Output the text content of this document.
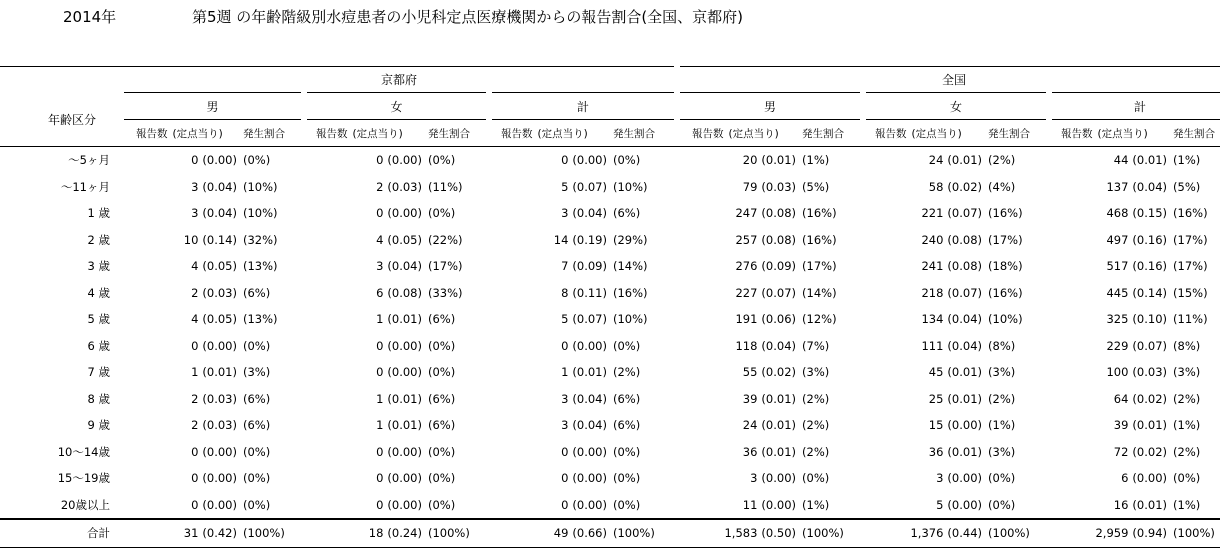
2014年	第5週 の年齢階級別水痘患者の小児科定点医療機関からの報告割合(全国、京都府)
	京都府							全国					
年齢区分	男		女		計			男		女		計	
	報告数 (定点当り)	発生割合	報告数 (定点当り)	発生割合	報告数 (定点当り)	発生割合		報告数 (定点当り)	発生割合	報告数 (定点当り)	発生割合	報告数 (定点当り)	発生割合
～5ヶ月	0 (0.00)	(0%)	0 (0.00)	(0%)	0 (0.00)	(0%)		20 (0.01)	(1%)	24 (0.01)	(2%)	44 (0.01)	(1%)
～11ヶ月	3 (0.04)	(10%)	2 (0.03)	(11%)	5 (0.07)	(10%)		79 (0.03)	(5%)	58 (0.02)	(4%)	137 (0.04)	(5%)
1 歳	3 (0.04)	(10%)	0 (0.00)	(0%)	3 (0.04)	(6%)		247 (0.08)	(16%)	221 (0.07)	(16%)	468 (0.15)	(16%)
2 歳	10 (0.14)	(32%)	4 (0.05)	(22%)	14 (0.19)	(29%)		257 (0.08)	(16%)	240 (0.08)	(17%)	497 (0.16)	(17%)
3 歳	4 (0.05)	(13%)	3 (0.04)	(17%)	7 (0.09)	(14%)		276 (0.09)	(17%)	241 (0.08)	(18%)	517 (0.16)	(17%)
4 歳	2 (0.03)	(6%)	6 (0.08)	(33%)	8 (0.11)	(16%)		227 (0.07)	(14%)	218 (0.07)	(16%)	445 (0.14)	(15%)
5 歳	4 (0.05)	(13%)	1 (0.01)	(6%)	5 (0.07)	(10%)		191 (0.06)	(12%)	134 (0.04)	(10%)	325 (0.10)	(11%)
6 歳	0 (0.00)	(0%)	0 (0.00)	(0%)	0 (0.00)	(0%)		118 (0.04)	(7%)	111 (0.04)	(8%)	229 (0.07)	(8%)
7 歳	1 (0.01)	(3%)	0 (0.00)	(0%)	1 (0.01)	(2%)		55 (0.02)	(3%)	45 (0.01)	(3%)	100 (0.03)	(3%)
8 歳	2 (0.03)	(6%)	1 (0.01)	(6%)	3 (0.04)	(6%)		39 (0.01)	(2%)	25 (0.01)	(2%)	64 (0.02)	(2%)
9 歳	2 (0.03)	(6%)	1 (0.01)	(6%)	3 (0.04)	(6%)		24 (0.01)	(2%)	15 (0.00)	(1%)	39 (0.01)	(1%)
10～14歳	0 (0.00)	(0%)	0 (0.00)	(0%)	0 (0.00)	(0%)		36 (0.01)	(2%)	36 (0.01)	(3%)	72 (0.02)	(2%)
15～19歳	0 (0.00)	(0%)	0 (0.00)	(0%)	0 (0.00)	(0%)		3 (0.00)	(0%)	3 (0.00)	(0%)	6 (0.00)	(0%)
20歳以上	0 (0.00)	(0%)	0 (0.00)	(0%)	0 (0.00)	(0%)		11 (0.00)	(1%)	5 (0.00)	(0%)	16 (0.01)	(1%)
合計	31 (0.42)	(100%)	18 (0.24)	(100%)	49 (0.66)	(100%)		1,583 (0.50)	(100%)	1,376 (0.44)	(100%)	2,959 (0.94)	(100%)
